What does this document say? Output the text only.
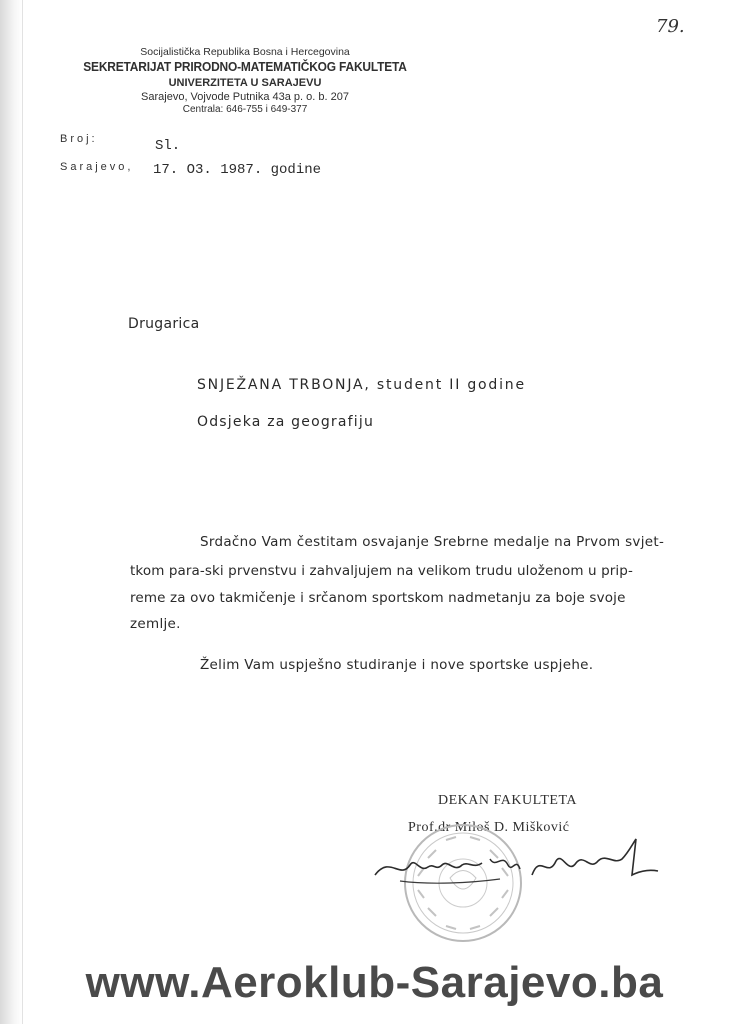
79.
Socijalistička Republika Bosna i Hercegovina
SEKRETARIJAT PRIRODNO-MATEMATIČKOG FAKULTETA
UNIVERZITETA U SARAJEVU
Sarajevo, Vojvode Putnika 43a p. o. b. 207
Centrala: 646-755 i 649-377
Broj:	Sl.
Sarajevo, 17. O3. 1987. godine
Drugarica
SNJEŽANA TRBONJA, student II godine
Odsjeka za geografiju
Srdačno Vam čestitam osvajanje Srebrne medalje na Prvom svjet-
tkom para-ski prvenstvu i zahvaljujem na velikom trudu uloženom u prip-
reme za ovo takmičenje i srčanom sportskom nadmetanju za boje svoje
zemlje.
Želim Vam uspješno studiranje i nove sportske uspjehe.
DEKAN FAKULTETA
Prof.dr Miloš D. Mišković
www.Aeroklub-Sarajevo.ba
